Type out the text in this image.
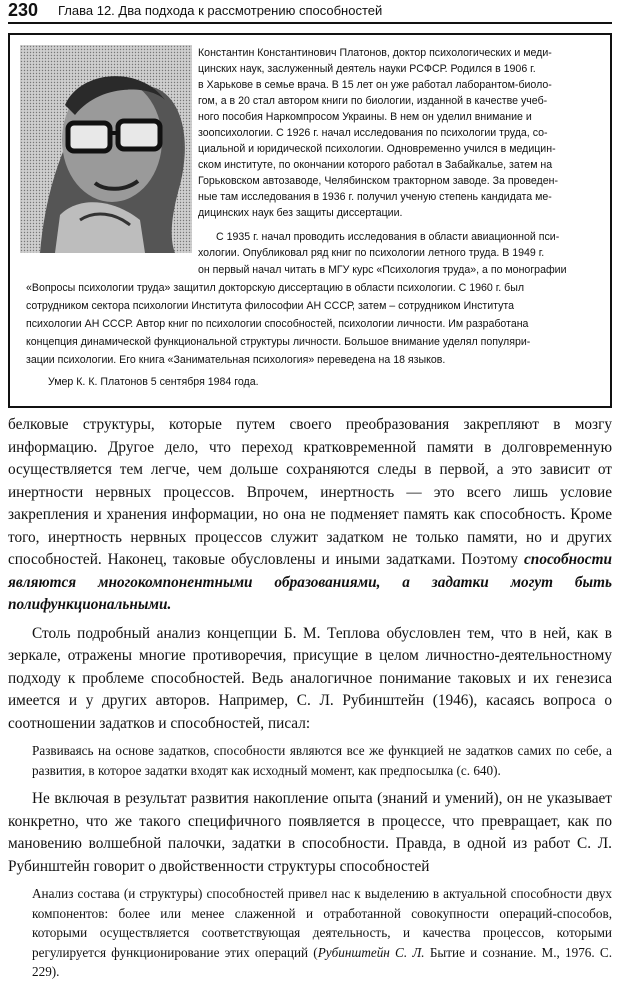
230 Глава 12. Два подхода к рассмотрению способностей
Константин Константинович Платонов, доктор психологических и меди-
цинских наук, заслуженный деятель науки РСФСР. Родился в 1906 г.
в Харькове в семье врача. В 15 лет он уже работал лаборантом-биоло-
гом, а в 20 стал автором книги по биологии, изданной в качестве учеб-
ного пособия Наркомпросом Украины. В нем он уделил внимание и
зоопсихологии. С 1926 г. начал исследования по психологии труда, со-
циальной и юридической психологии. Одновременно учился в медицин-
ском институте, по окончании которого работал в Забайкалье, затем на
Горьковском автозаводе, Челябинском тракторном заводе. За проведен-
ные там исследования в 1936 г. получил ученую степень кандидата ме-
дицинских наук без защиты диссертации.
С 1935 г. начал проводить исследования в области авиационной пси-
хологии. Опубликовал ряд книг по психологии летного труда. В 1949 г.
он первый начал читать в МГУ курс «Психология труда», а по монографии
«Вопросы психологии труда» защитил докторскую диссертацию в области психологии. С 1960 г. был
сотрудником сектора психологии Института философии АН СССР, затем – сотрудником Института
психологии АН СССР. Автор книг по психологии способностей, психологии личности. Им разработана
концепция динамической функциональной структуры личности. Большое внимание уделял популяри-
зации психологии. Его книга «Занимательная психология» переведена на 18 языков.
Умер К. К. Платонов 5 сентября 1984 года.

белковые структуры, которые путем своего преобразования закрепляют в мозгу информацию. Другое дело, что переход кратковременной памяти в долговременную осуществляется тем легче, чем дольше сохраняются следы в первой, а это зависит от инертности нервных процессов. Впрочем, инертность — это всего лишь условие закрепления и хранения информации, но она не подменяет память как способность. Кроме того, инертность нервных процессов служит задатком не только памяти, но и других способностей. Наконец, таковые обусловлены и иными задатками. Поэтому способности являются многокомпонентными образованиями, а задатки могут быть полифункциональными.

Столь подробный анализ концепции Б. М. Теплова обусловлен тем, что в ней, как в зеркале, отражены многие противоречия, присущие в целом личностно-деятельностному подходу к проблеме способностей. Ведь аналогичное понимание таковых и их генезиса имеется и у других авторов. Например, С. Л. Рубинштейн (1946), касаясь вопроса о соотношении задатков и способностей, писал:

Развиваясь на основе задатков, способности являются все же функцией не задатков самих по себе, а развития, в которое задатки входят как исходный момент, как предпосылка (с. 640).

Не включая в результат развития накопление опыта (знаний и умений), он не указывает конкретно, что же такого специфичного появляется в процессе, что превращает, как по мановению волшебной палочки, задатки в способности. Правда, в одной из работ С. Л. Рубинштейн говорит о двойственности структуры способностей

Анализ состава (и структуры) способностей привел нас к выделению в актуальной способности двух компонентов: более или менее слаженной и отработанной совокупности операций-способов, которыми осуществляется соответствующая деятельность, и качества процессов, которыми регулируется функционирование этих операций (Рубинштейн С. Л. Бытие и сознание. М., 1976. С. 229).
